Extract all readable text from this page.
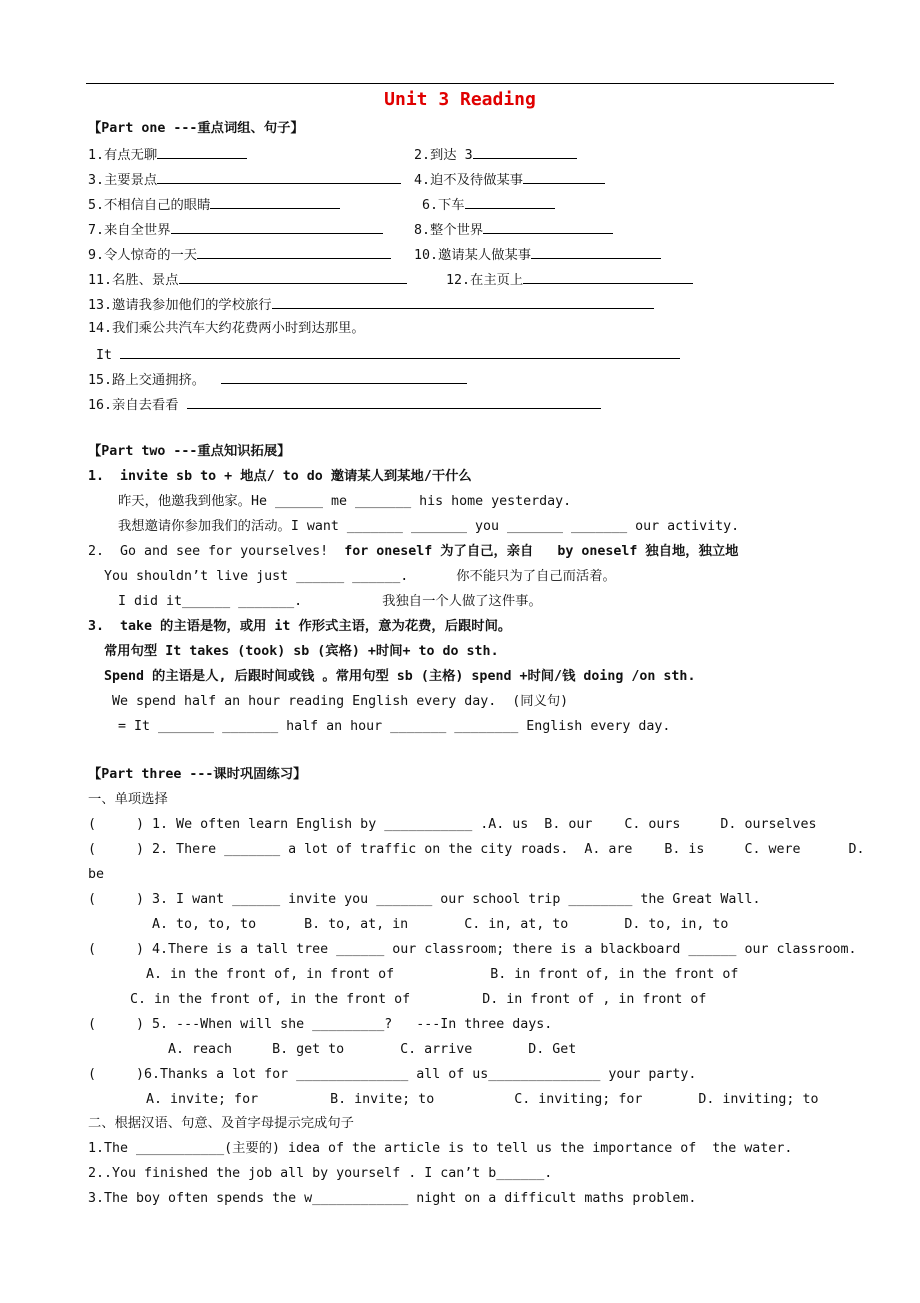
Unit 3 Reading
【Part one ---重点词组、句子】
1.有点无聊	2.到达 3
3.主要景点	4.迫不及待做某事
5.不相信自己的眼睛	6.下车
7.来自全世界	8.整个世界
9.令人惊奇的一天	10.邀请某人做某事
11.名胜、景点	12.在主页上
13.邀请我参加他们的学校旅行
14.我们乘公共汽车大约花费两小时到达那里。
It
15.路上交通拥挤。
16.亲自去看看
【Part two ---重点知识拓展】
1.  invite sb to + 地点/ to do 邀请某人到某地/干什么
昨天，他邀我到他家。He ______ me _______ his home yesterday.
我想邀请你参加我们的活动。I want _______ _______ you _______ _______ our activity.
2.  Go and see for yourselves! for oneself 为了自己，亲自   by oneself 独自地，独立地
You shouldn’t live just ______ ______.      你不能只为了自己而活着。
I did it______ _______.          我独自一个人做了这件事。
3.  take 的主语是物，或用 it 作形式主语，意为花费，后跟时间。
常用句型 It takes (took) sb (宾格) +时间+ to do sth.
Spend 的主语是人, 后跟时间或钱 。常用句型 sb (主格) spend +时间/钱 doing /on sth.
We spend half an hour reading English every day.  (同义句)
= It _______ _______ half an hour _______ ________ English every day.
【Part three ---课时巩固练习】
一、单项选择
(     ) 1. We often learn English by ___________ .A. us  B. our    C. ours     D. ourselves
(     ) 2. There _______ a lot of traffic on the city roads.  A. are    B. is     C. were      D.
be
(     ) 3. I want ______ invite you _______ our school trip ________ the Great Wall.
A. to, to, to      B. to, at, in       C. in, at, to       D. to, in, to
(     ) 4.There is a tall tree ______ our classroom; there is a blackboard ______ our classroom.
A. in the front of, in front of            B. in front of, in the front of
C. in the front of, in the front of         D. in front of , in front of
(     ) 5. ---When will she _________?   ---In three days.
A. reach     B. get to       C. arrive       D. Get
(     )6.Thanks a lot for ______________ all of us______________ your party.
A. invite; for         B. invite; to          C. inviting; for       D. inviting; to
二、根据汉语、句意、及首字母提示完成句子
1.The ___________(主要的) idea of the article is to tell us the importance of  the water.
2..You finished the job all by yourself . I can’t b______.
3.The boy often spends the w____________ night on a difficult maths problem.
